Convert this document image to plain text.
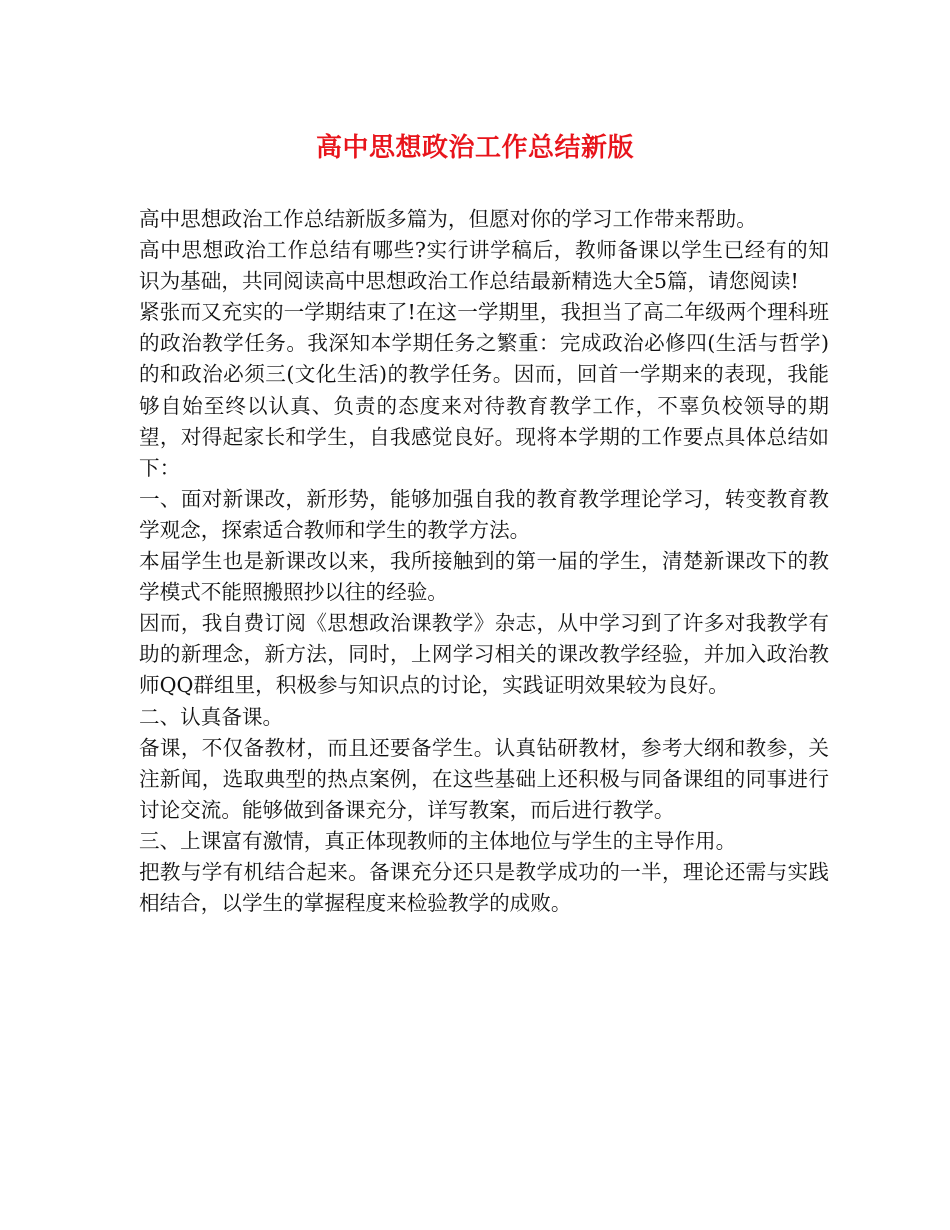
高中思想政治工作总结新版

高中思想政治工作总结新版多篇为，但愿对你的学习工作带来帮助。

高中思想政治工作总结有哪些?实行讲学稿后，教师备课以学生已经有的知识为基础，共同阅读高中思想政治工作总结最新精选大全5篇，请您阅读!

紧张而又充实的一学期结束了!在这一学期里，我担当了高二年级两个理科班的政治教学任务。我深知本学期任务之繁重：完成政治必修四(生活与哲学)的和政治必须三(文化生活)的教学任务。因而，回首一学期来的表现，我能够自始至终以认真、负责的态度来对待教育教学工作，不辜负校领导的期望，对得起家长和学生，自我感觉良好。现将本学期的工作要点具体总结如下：

一、面对新课改，新形势，能够加强自我的教育教学理论学习，转变教育教学观念，探索适合教师和学生的教学方法。

本届学生也是新课改以来，我所接触到的第一届的学生，清楚新课改下的教学模式不能照搬照抄以往的经验。

因而，我自费订阅《思想政治课教学》杂志，从中学习到了许多对我教学有助的新理念，新方法，同时，上网学习相关的课改教学经验，并加入政治教师QQ群组里，积极参与知识点的讨论，实践证明效果较为良好。

二、认真备课。

备课，不仅备教材，而且还要备学生。认真钻研教材，参考大纲和教参，关注新闻，选取典型的热点案例，在这些基础上还积极与同备课组的同事进行讨论交流。能够做到备课充分，详写教案，而后进行教学。

三、上课富有激情，真正体现教师的主体地位与学生的主导作用。

把教与学有机结合起来。备课充分还只是教学成功的一半，理论还需与实践相结合，以学生的掌握程度来检验教学的成败。
